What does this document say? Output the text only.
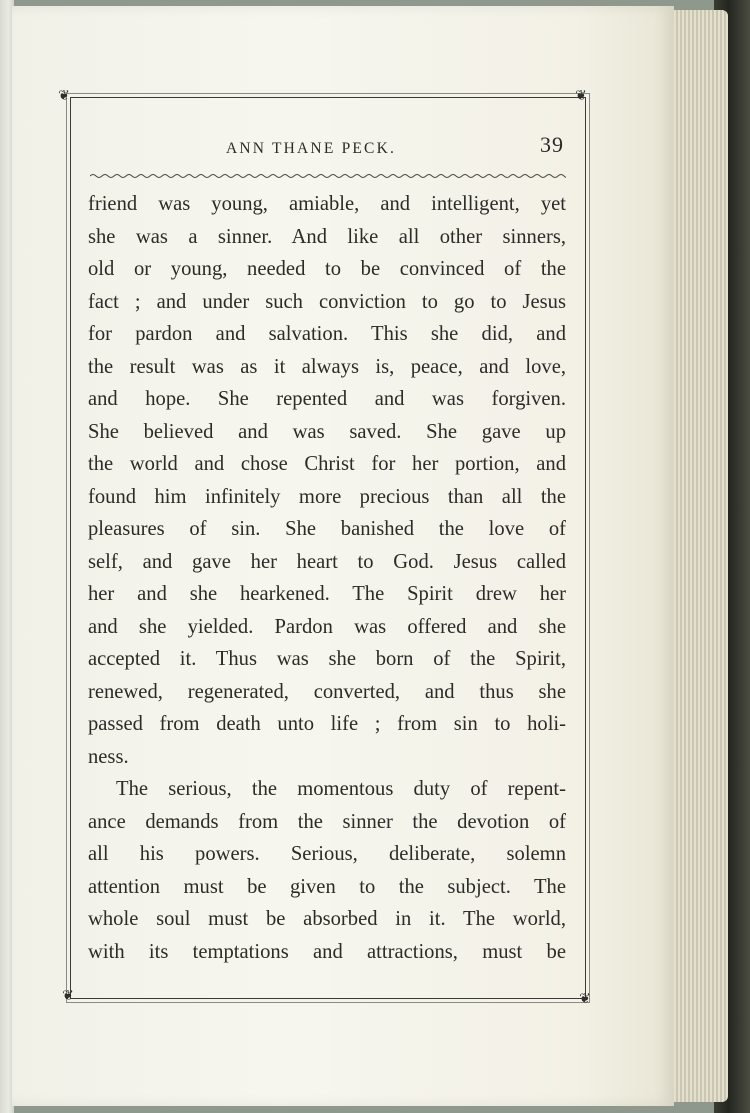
❦	❦
❦	❦
ANN THANE PECK.	39
friend was young, amiable, and intelligent, yet
she was a sinner. And like all other sinners,
old or young, needed to be convinced of the
fact ; and under such conviction to go to Jesus
for pardon and salvation. This she did, and
the result was as it always is, peace, and love,
and hope. She repented and was forgiven.
She believed and was saved. She gave up
the world and chose Christ for her portion, and
found him infinitely more precious than all the
pleasures of sin. She banished the love of
self, and gave her heart to God. Jesus called
her and she hearkened. The Spirit drew her
and she yielded. Pardon was offered and she
accepted it. Thus was she born of the Spirit,
renewed, regenerated, converted, and thus she
passed from death unto life ; from sin to holi-
ness.
The serious, the momentous duty of repent-
ance demands from the sinner the devotion of
all his powers. Serious, deliberate, solemn
attention must be given to the subject. The
whole soul must be absorbed in it. The world,
with its temptations and attractions, must be
